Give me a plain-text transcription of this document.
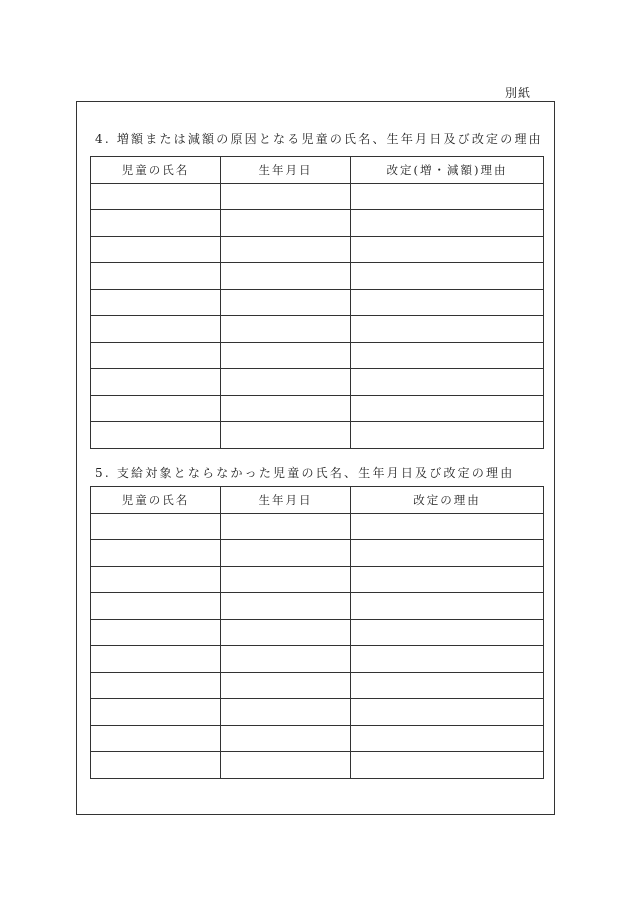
別紙
4. 増額または減額の原因となる児童の氏名、生年月日及び改定の理由
児童の氏名	生年月日	改定(増・減額)理由

5. 支給対象とならなかった児童の氏名、生年月日及び改定の理由
児童の氏名	生年月日	改定の理由
